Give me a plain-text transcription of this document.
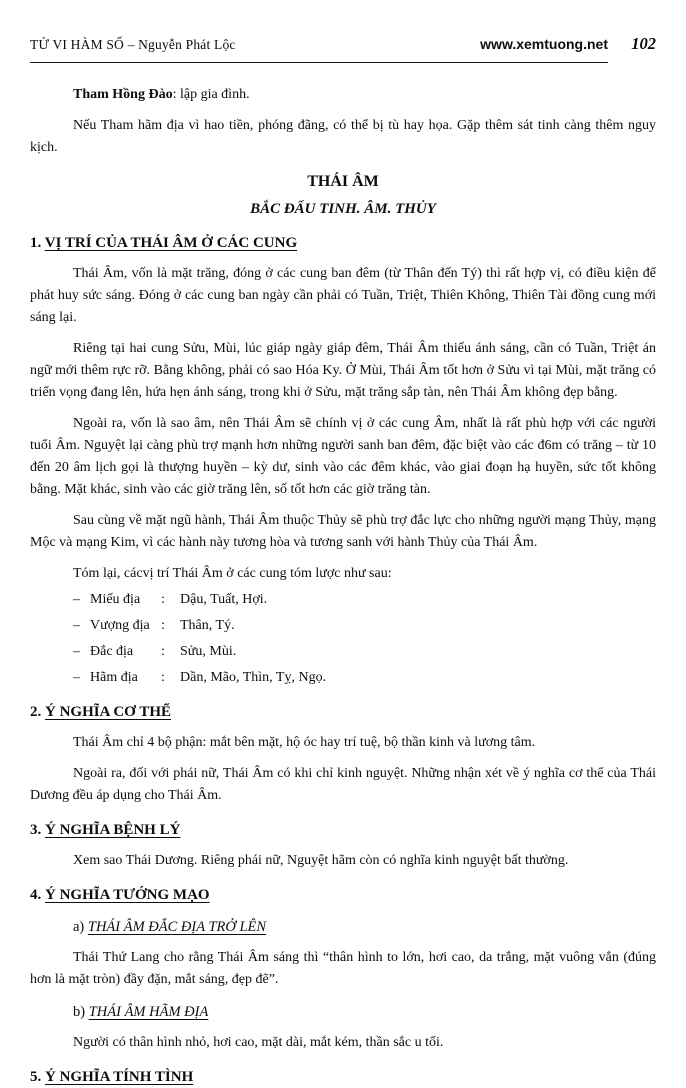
TỬ VI HÀM SỐ – Nguyễn Phát Lộc	www.xemtuong.net	102

Tham Hồng Đào: lập gia đình.

Nếu Tham hãm địa vì hao tiền, phóng đãng, có thể bị tù hay họa. Gặp thêm sát tinh càng thêm nguy kịch.

THÁI ÂM
BẮC ĐẨU TINH. ÂM. THỦY
1. VỊ TRÍ CỦA THÁI ÂM Ở CÁC CUNG

Thái Âm, vốn là mặt trăng, đóng ở các cung ban đêm (từ Thân đến Tý) thì rất hợp vị, có điều kiện để phát huy sức sáng. Đóng ở các cung ban ngày cần phải có Tuần, Triệt, Thiên Không, Thiên Tài đồng cung mới sáng lại.

Riêng tại hai cung Sửu, Mùi, lúc giáp ngày giáp đêm, Thái Âm thiếu ánh sáng, cần có Tuần, Triệt án ngữ mới thêm rực rỡ. Bằng không, phải có sao Hóa Ky. Ở Mùi, Thái Âm tốt hơn ở Sửu vì tại Mùi, mặt trăng có triển vọng đang lên, hứa hẹn ánh sáng, trong khi ở Sửu, mặt trăng sắp tàn, nên Thái Âm không đẹp bằng.

Ngoài ra, vốn là sao âm, nên Thái Âm sẽ chính vị ở các cung Âm, nhất là rất phù hợp với các người tuổi Âm. Nguyệt lại càng phù trợ mạnh hơn những người sanh ban đêm, đặc biệt vào các đ6m có trăng – từ 10 đến 20 âm lịch gọi là thượng huyền – kỳ dư, sinh vào các đêm khác, vào giai đoạn hạ huyền, sức tốt không bằng. Mặt khác, sinh vào các giờ trăng lên, số tốt hơn các giờ trăng tàn.

Sau cùng về mặt ngũ hành, Thái Âm thuộc Thủy sẽ phù trợ đắc lực cho những người mạng Thủy, mạng Mộc và mạng Kim, vì các hành này tương hòa và tương sanh với hành Thủy của Thái Âm.

Tóm lại, cácvị trí Thái Âm ở các cung tóm lược như sau:

– Miếu địa	:	Dậu, Tuất, Hợi.
– Vượng địa :	Thân, Tý.
– Đắc địa	:	Sửu, Mùi.
– Hãm địa	:	Dần, Mão, Thìn, Tỵ, Ngọ.
2. Ý NGHĨA CƠ THỂ

Thái Âm chỉ 4 bộ phận: mắt bên mặt, hộ óc hay trí tuệ, bộ thần kinh và lương tâm.

Ngoài ra, đối với phái nữ, Thái Âm có khi chỉ kinh nguyệt. Những nhận xét về ý nghĩa cơ thể của Thái Dương đều áp dụng cho Thái Âm.

3. Ý NGHĨA BỆNH LÝ

Xem sao Thái Dương. Riêng phái nữ, Nguyệt hãm còn có nghĩa kinh nguyệt bất thường.

4. Ý NGHĨA TƯỚNG MẠO
a) THÁI ÂM ĐẮC ĐỊA TRỞ LÊN

Thái Thứ Lang cho rằng Thái Âm sáng thì “thân hình to lớn, hơi cao, da trắng, mặt vuông vắn (đúng hơn là mặt tròn) đầy đặn, mắt sáng, đẹp đẽ”.

b) THÁI ÂM HÃM ĐỊA

Người có thân hình nhỏ, hơi cao, mặt dài, mắt kém, thần sắc u tối.

5. Ý NGHĨA TÍNH TÌNH
